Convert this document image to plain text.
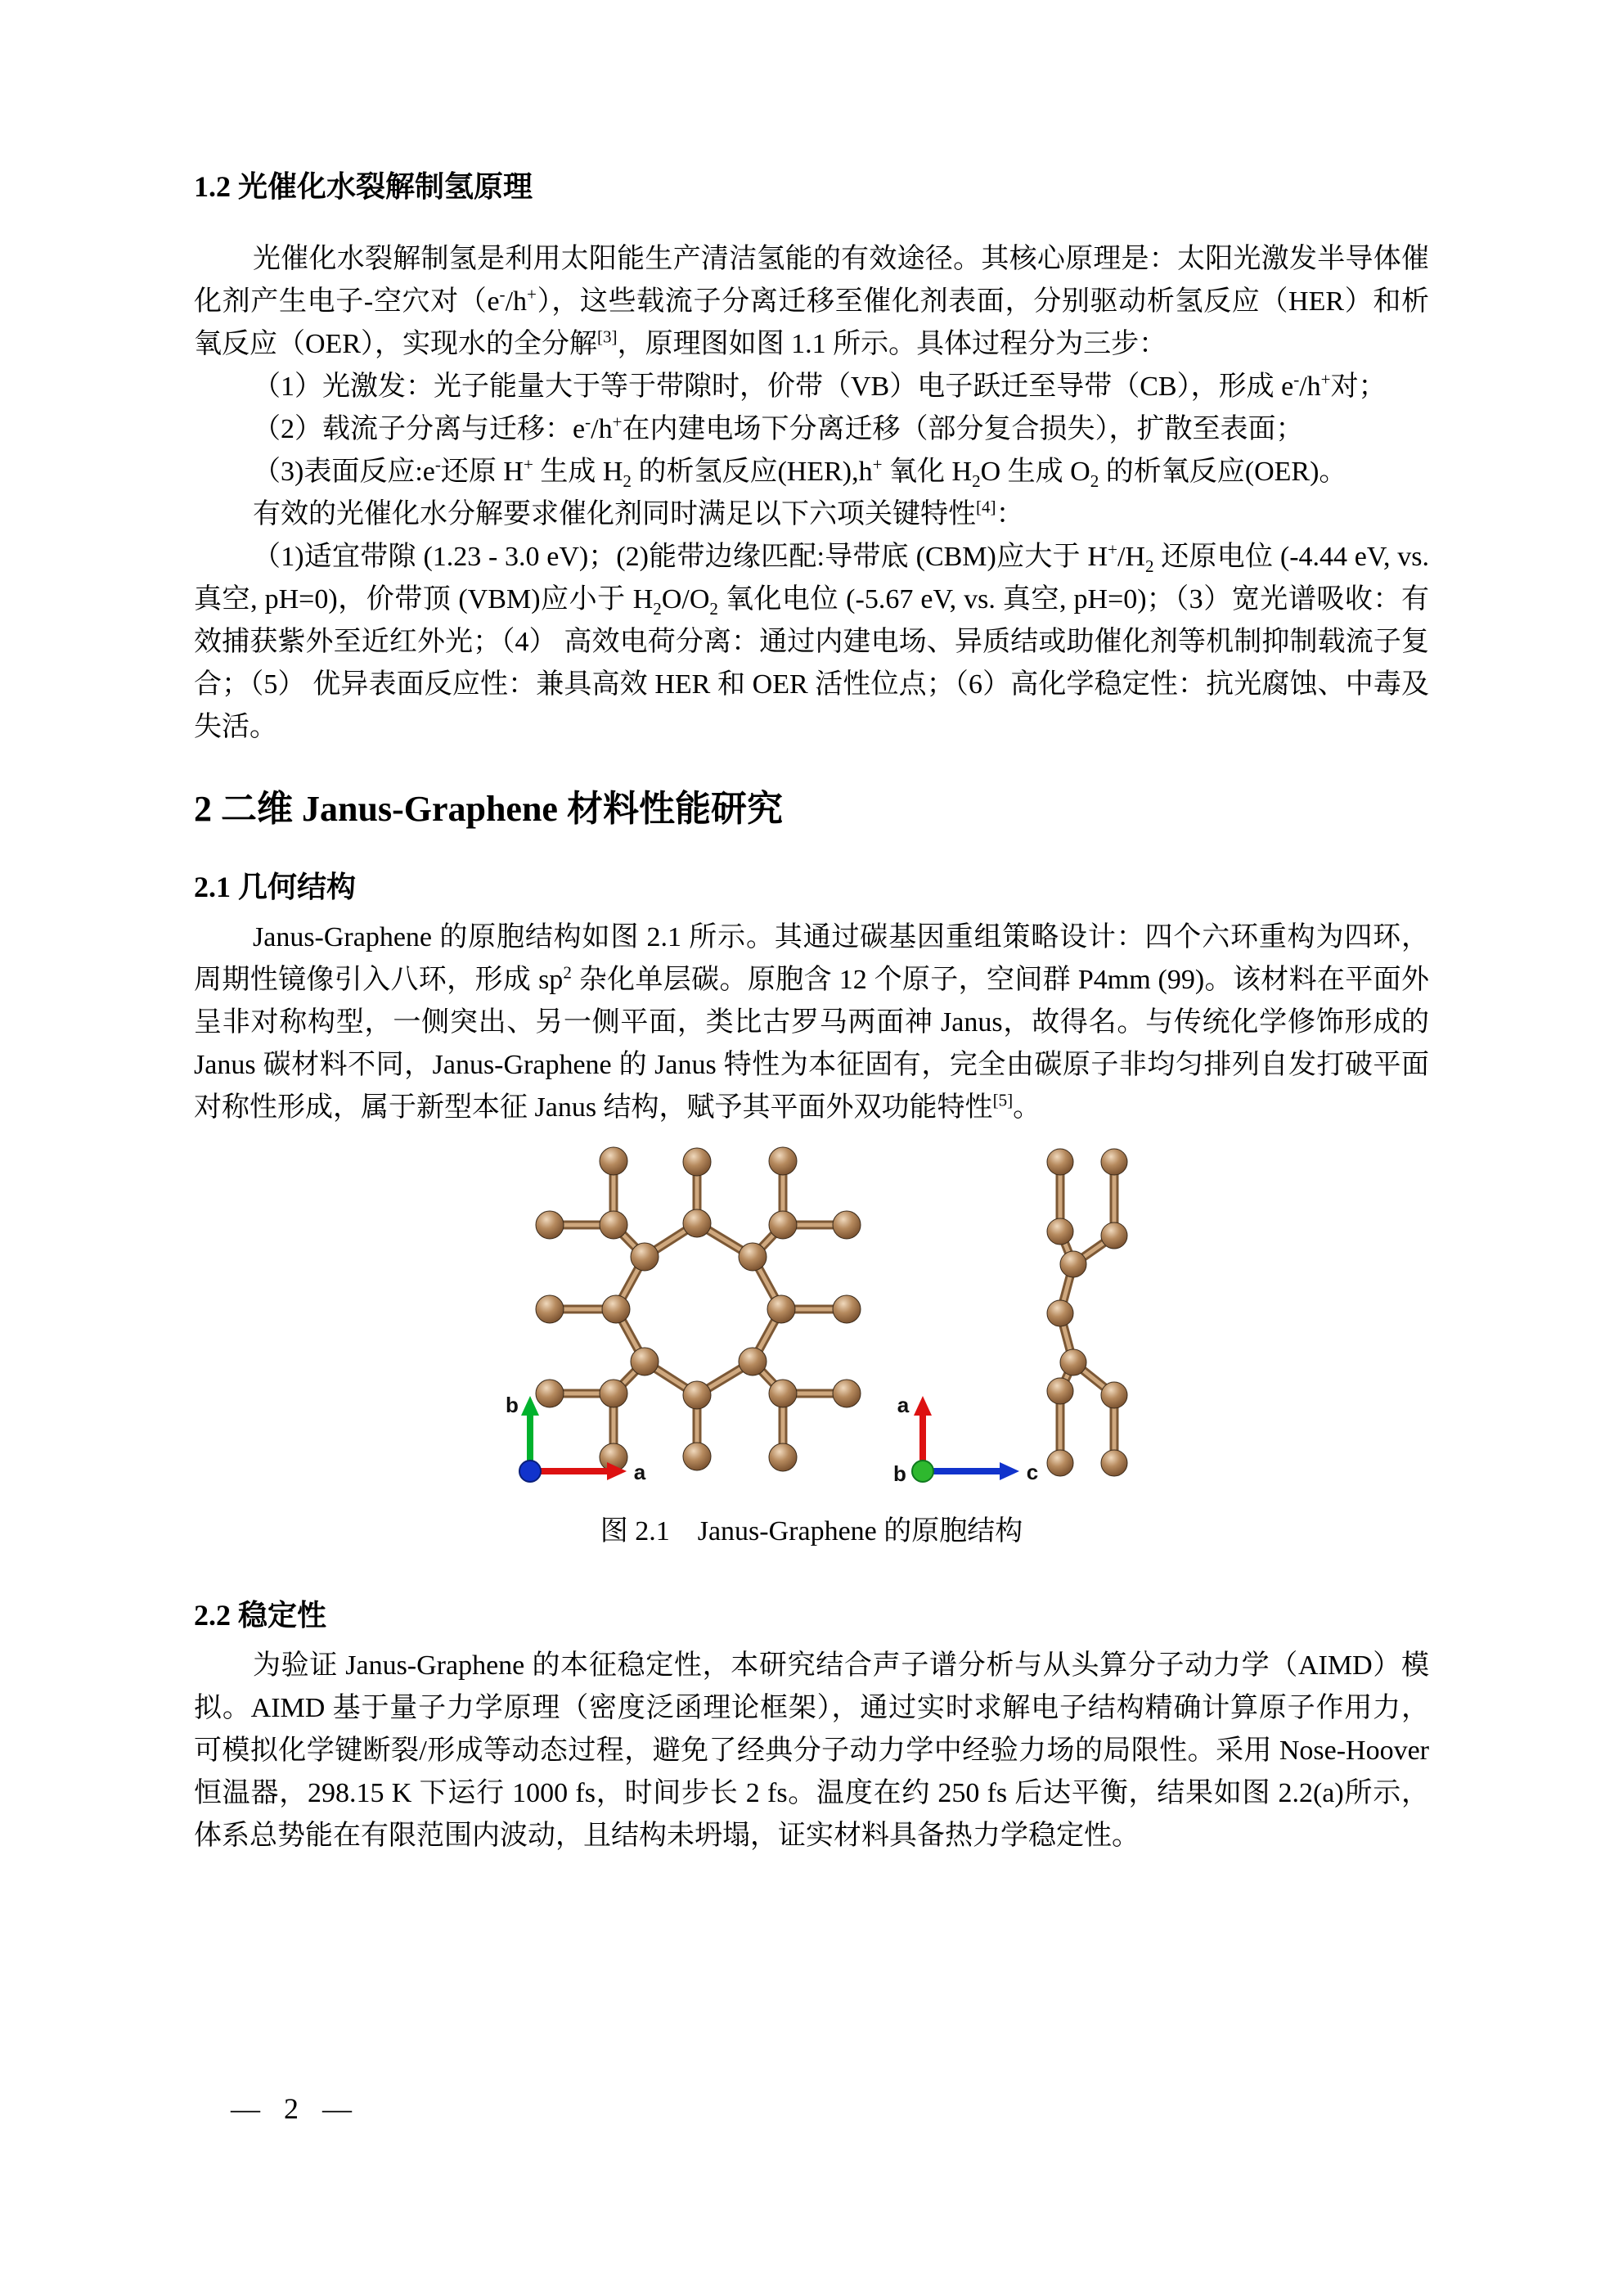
1.2 光催化水裂解制氢原理
光催化水裂解制氢是利用太阳能生产清洁氢能的有效途径。其核心原理是：太阳光激发半导体催化剂产生电子-空穴对（e-/h+），这些载流子分离迁移至催化剂表面，分别驱动析氢反应（HER）和析氧反应（OER），实现水的全分解[3]，原理图如图 1.1 所示。具体过程分为三步：
（1）光激发：光子能量大于等于带隙时，价带（VB）电子跃迁至导带（CB），形成 e-/h+对；
（2）载流子分离与迁移：e-/h+在内建电场下分离迁移（部分复合损失），扩散至表面；
（3)表面反应:e-还原 H+ 生成 $H_2$ 的析氢反应(HER),h+ 氧化 $H_2O$ 生成 $O_2$ 的析氧反应(OER)。
有效的光催化水分解要求催化剂同时满足以下六项关键特性[4]：
（1)适宜带隙 (1.23 - 3.0 eV)；(2)能带边缘匹配:导带底 (CBM)应大于 $H^+/H_2$ 还原电位 (-4.44 eV, vs. 真空, pH=0)，价带顶 (VBM)应小于 $H_2O/O_2$ 氧化电位 (-5.67 eV, vs. 真空, pH=0)；（3）宽光谱吸收：有效捕获紫外至近红外光；（4） 高效电荷分离：通过内建电场、异质结或助催化剂等机制抑制载流子复合；（5） 优异表面反应性：兼具高效 HER 和 OER 活性位点；（6）高化学稳定性：抗光腐蚀、中毒及失活。
2 二维 Janus-Graphene 材料性能研究
2.1 几何结构
Janus-Graphene 的原胞结构如图 2.1 所示。其通过碳基因重组策略设计：四个六环重构为四环，周期性镜像引入八环，形成 $sp^2$ 杂化单层碳。原胞含 12 个原子，空间群 P4mm (99)。该材料在平面外呈非对称构型，一侧突出、另一侧平面，类比古罗马两面神 Janus，故得名。与传统化学修饰形成的 Janus 碳材料不同，Janus-Graphene 的 Janus 特性为本征固有，完全由碳原子非均匀排列自发打破平面对称性形成，属于新型本征 Janus 结构，赋予其平面外双功能特性[5]。
b
a
a
c
b
图 2.1　Janus-Graphene 的原胞结构
2.2 稳定性
为验证 Janus-Graphene 的本征稳定性，本研究结合声子谱分析与从头算分子动力学（AIMD）模拟。AIMD 基于量子力学原理（密度泛函理论框架），通过实时求解电子结构精确计算原子作用力，可模拟化学键断裂/形成等动态过程，避免了经典分子动力学中经验力场的局限性。采用 Nose-Hoover 恒温器，298.15 K 下运行 1000 fs，时间步长 2 fs。温度在约 250 fs 后达平衡，结果如图 2.2(a)所示，体系总势能在有限范围内波动，且结构未坍塌，证实材料具备热力学稳定性。
— 2 —
